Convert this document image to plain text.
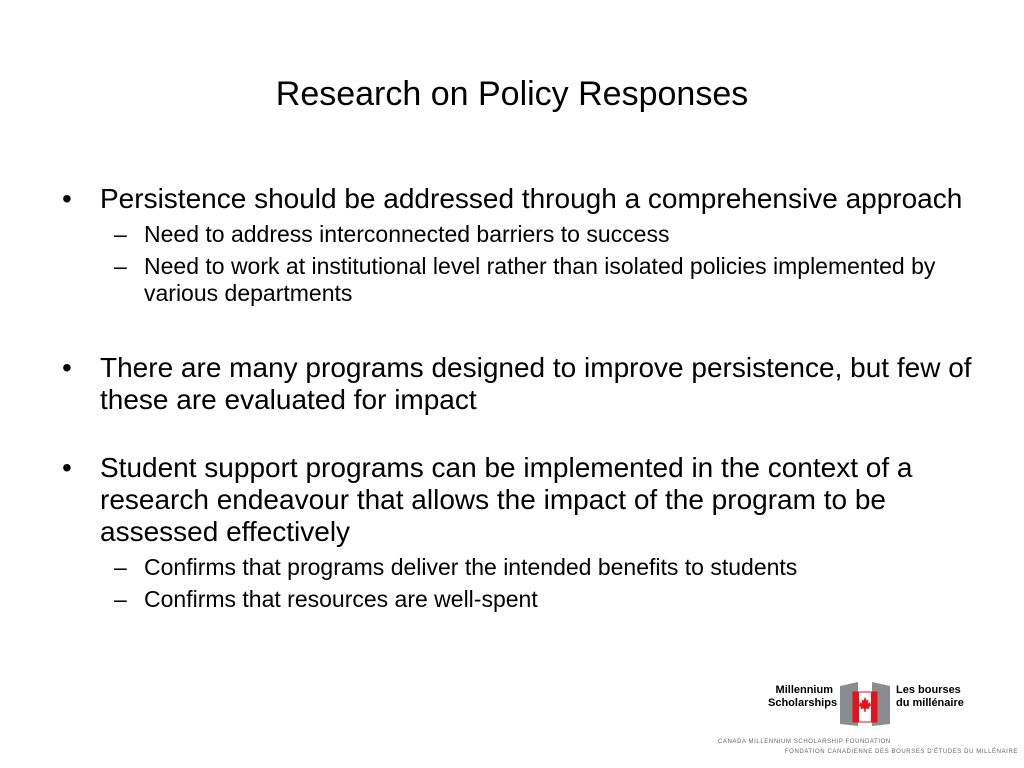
Research on Policy Responses
• Persistence should be addressed through a comprehensive approach
– Need to address interconnected barriers to success
– Need to work at institutional level rather than isolated policies implemented by various departments
• There are many programs designed to improve persistence, but few of these are evaluated for impact
• Student support programs can be implemented in the context of a research endeavour that allows the impact of the program to be assessed effectively
– Confirms that programs deliver the intended benefits to students
– Confirms that resources are well-spent
Millennium
Scholarships
Les bourses
du millénaire
CANADA MILLENNIUM SCHOLARSHIP FOUNDATION
FONDATION CANADIENNE DES BOURSES D'ÉTUDES DU MILLÉNAIRE
